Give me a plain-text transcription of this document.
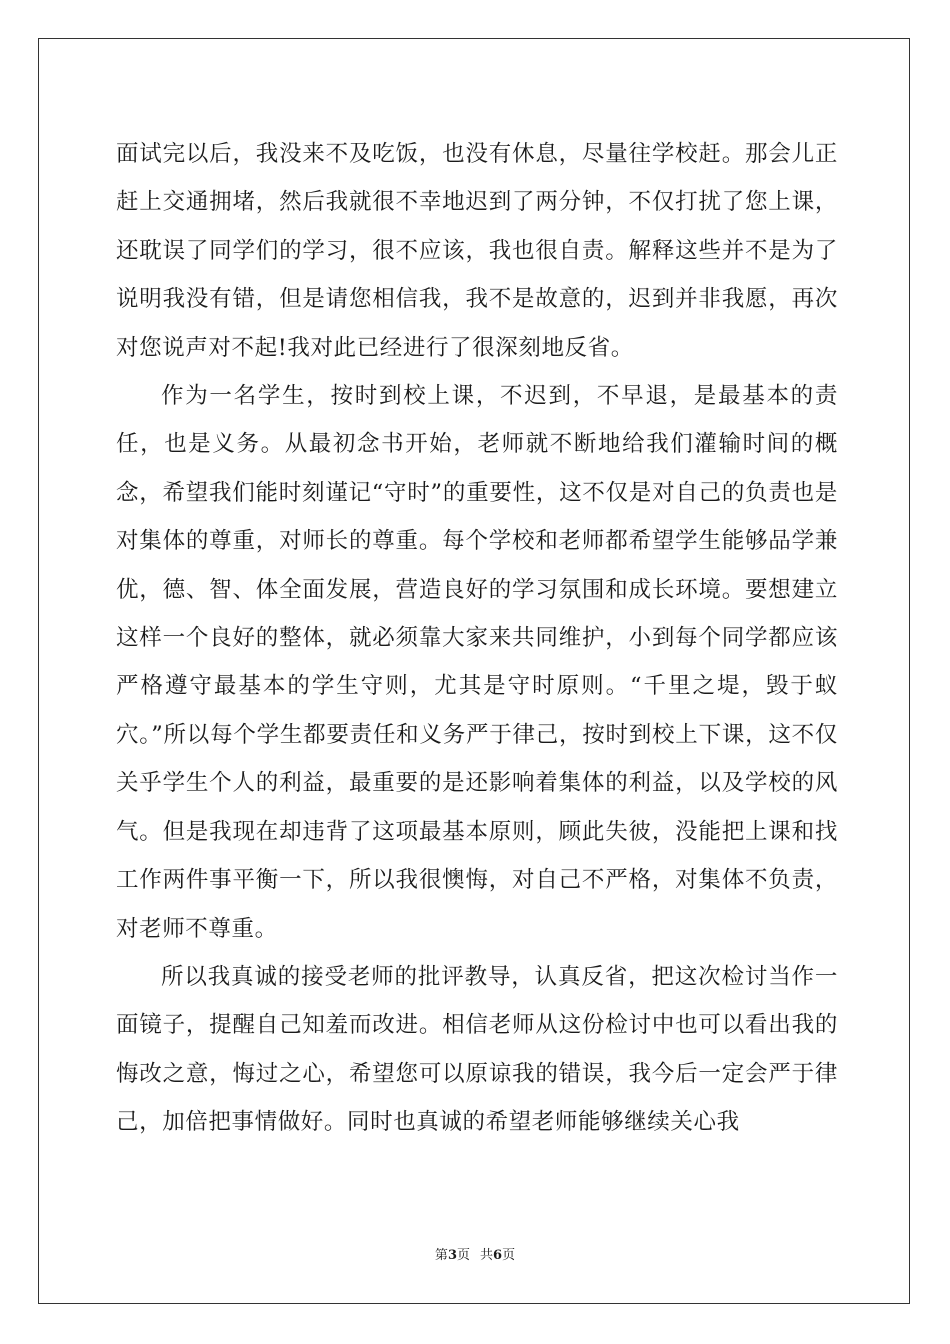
面试完以后，我没来不及吃饭，也没有休息，尽量往学校赶。那会儿正赶上交通拥堵，然后我就很不幸地迟到了两分钟，不仅打扰了您上课，还耽误了同学们的学习，很不应该，我也很自责。解释这些并不是为了说明我没有错，但是请您相信我，我不是故意的，迟到并非我愿，再次对您说声对不起!我对此已经进行了很深刻地反省。

作为一名学生，按时到校上课，不迟到，不早退，是最基本的责任，也是义务。从最初念书开始，老师就不断地给我们灌输时间的概念，希望我们能时刻谨记“守时”的重要性，这不仅是对自己的负责也是对集体的尊重，对师长的尊重。每个学校和老师都希望学生能够品学兼优，德、智、体全面发展，营造良好的学习氛围和成长环境。要想建立这样一个良好的整体，就必须靠大家来共同维护，小到每个同学都应该严格遵守最基本的学生守则，尤其是守时原则。“千里之堤，毁于蚁穴。”所以每个学生都要责任和义务严于律己，按时到校上下课，这不仅关乎学生个人的利益，最重要的是还影响着集体的利益，以及学校的风气。但是我现在却违背了这项最基本原则，顾此失彼，没能把上课和找工作两件事平衡一下，所以我很懊悔，对自己不严格，对集体不负责，对老师不尊重。

所以我真诚的接受老师的批评教导，认真反省，把这次检讨当作一面镜子，提醒自己知羞而改进。相信老师从这份检讨中也可以看出我的悔改之意，悔过之心，希望您可以原谅我的错误，我今后一定会严于律己，加倍把事情做好。同时也真诚的希望老师能够继续关心我

第3页 共6页
